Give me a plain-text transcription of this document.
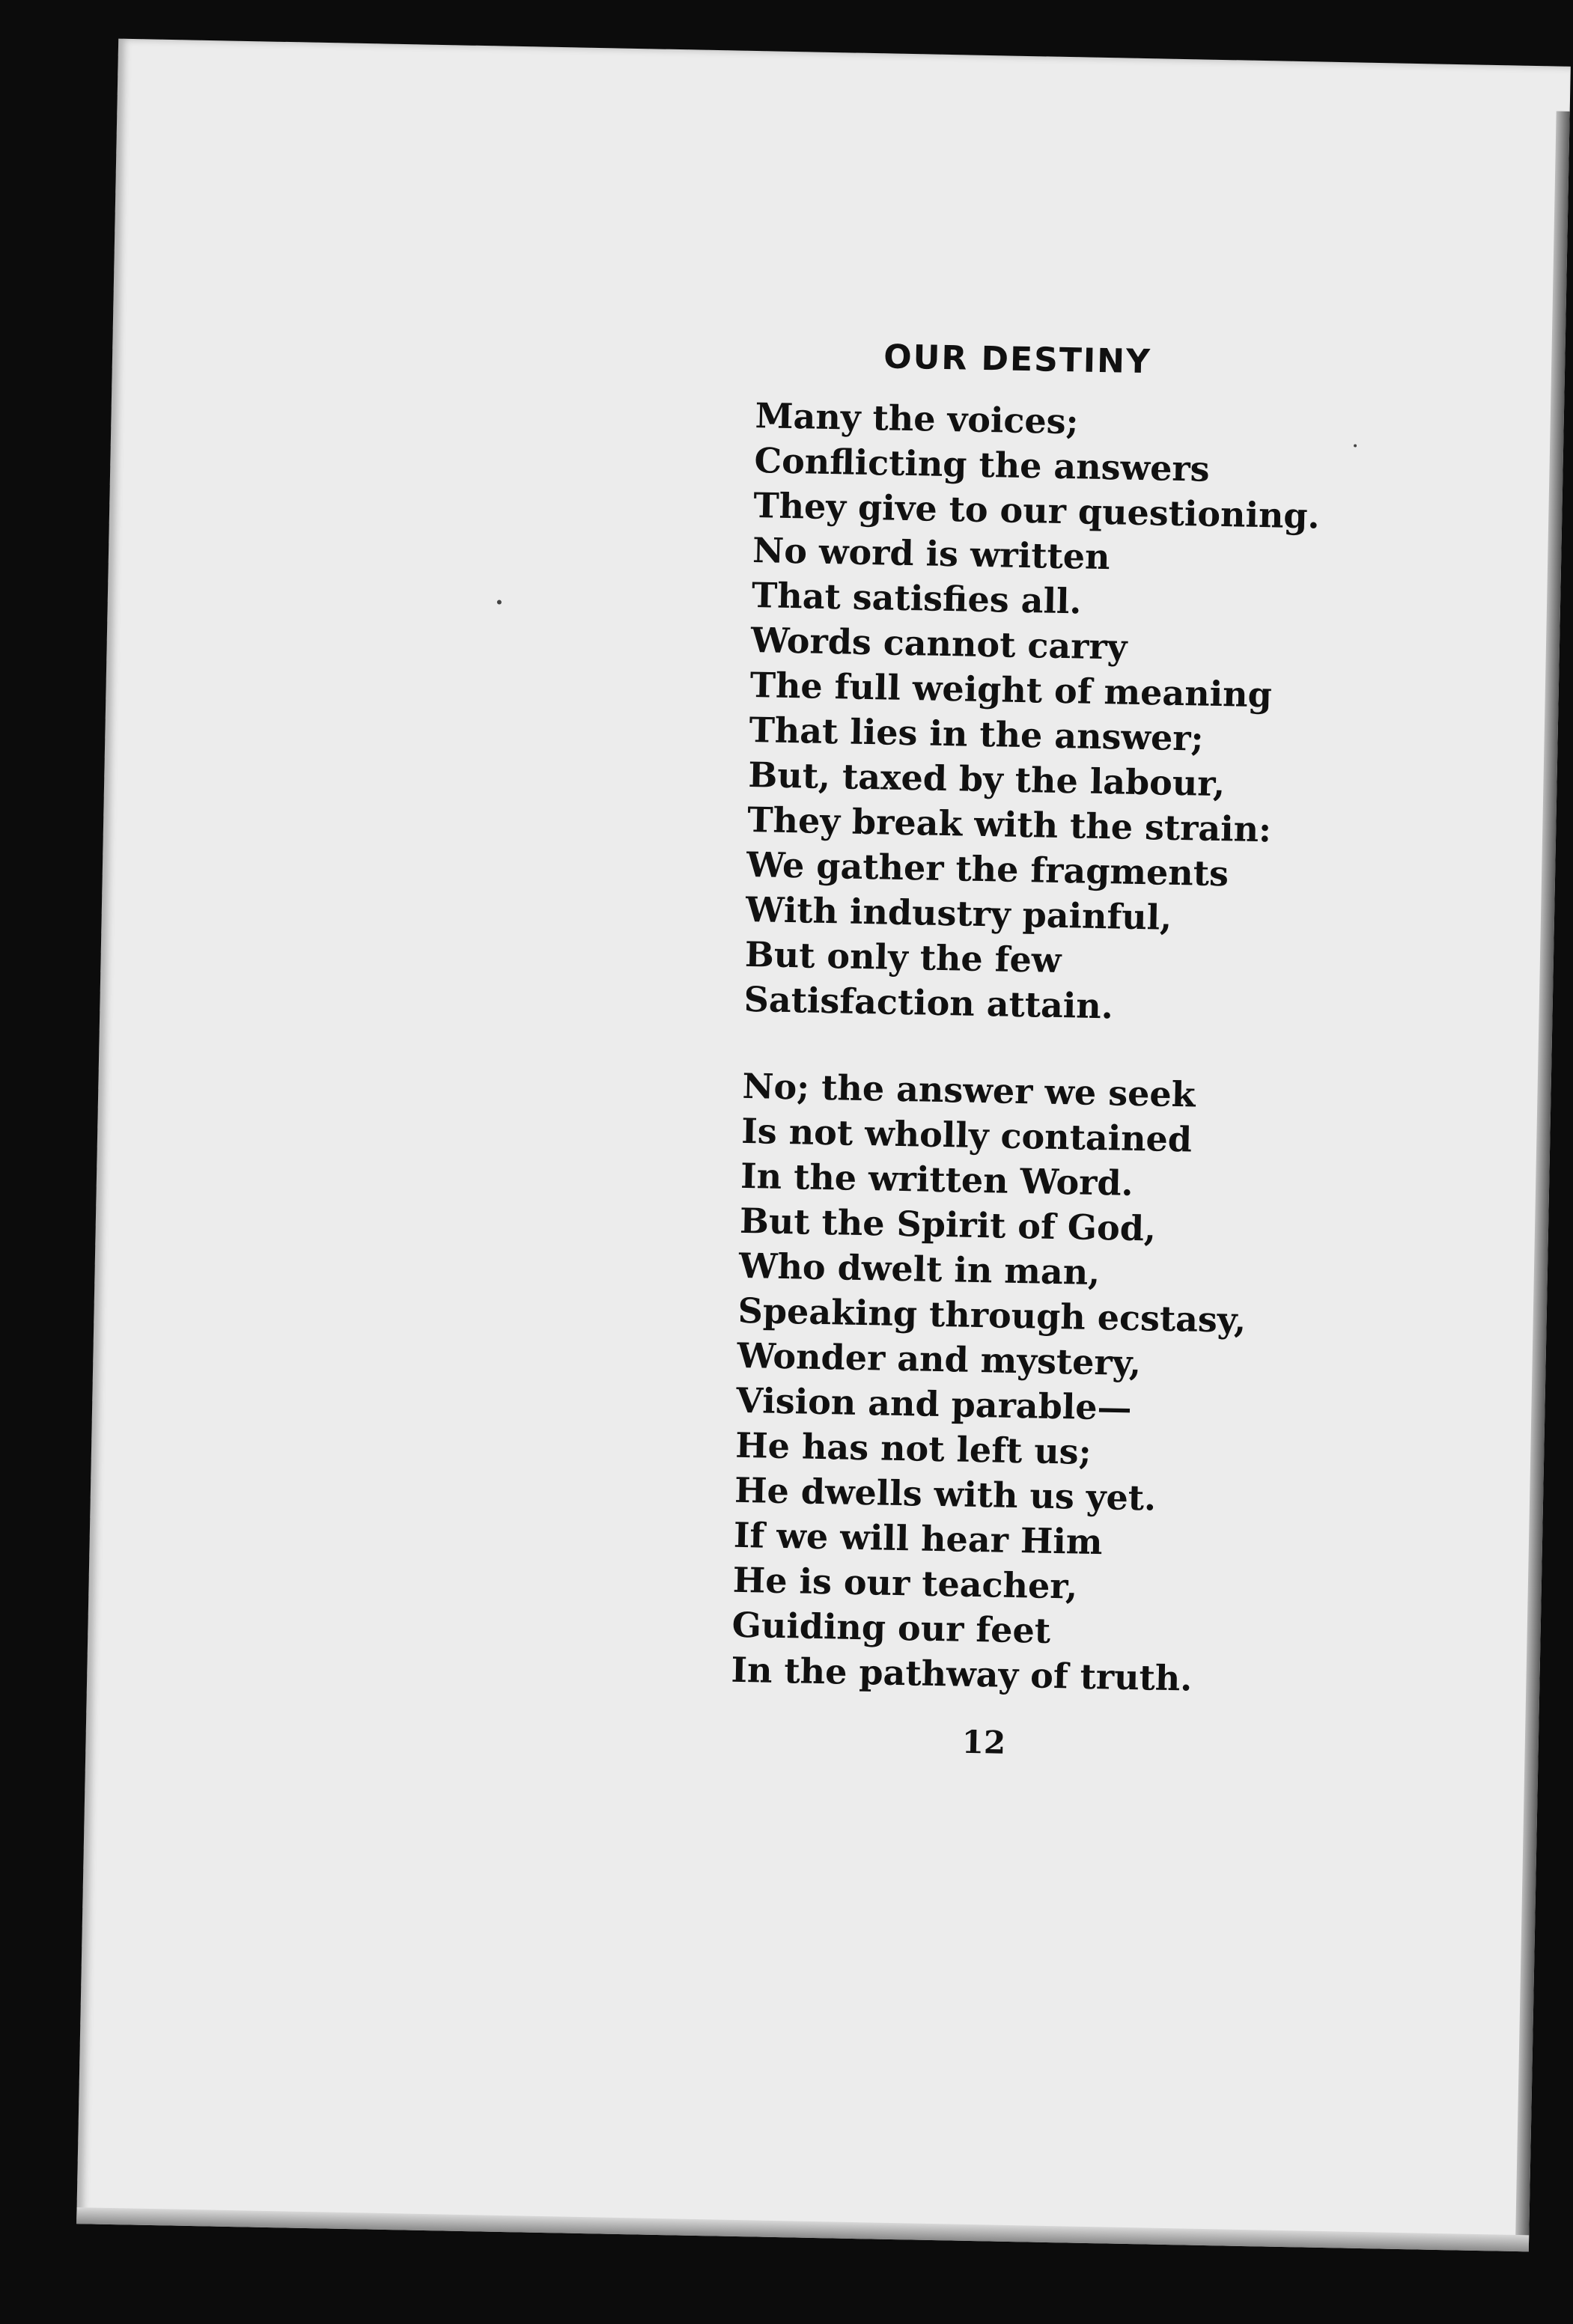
OUR DESTINY
Many the voices;
Conflicting the answers
They give to our questioning.
No word is written
That satisfies all.
Words cannot carry
The full weight of meaning
That lies in the answer;
But, taxed by the labour,
They break with the strain:
We gather the fragments
With industry painful,
But only the few
Satisfaction attain.
No; the answer we seek
Is not wholly contained
In the written Word.
But the Spirit of God,
Who dwelt in man,
Speaking through ecstasy,
Wonder and mystery,
Vision and parable—
He has not left us;
He dwells with us yet.
If we will hear Him
He is our teacher,
Guiding our feet
In the pathway of truth.
12
